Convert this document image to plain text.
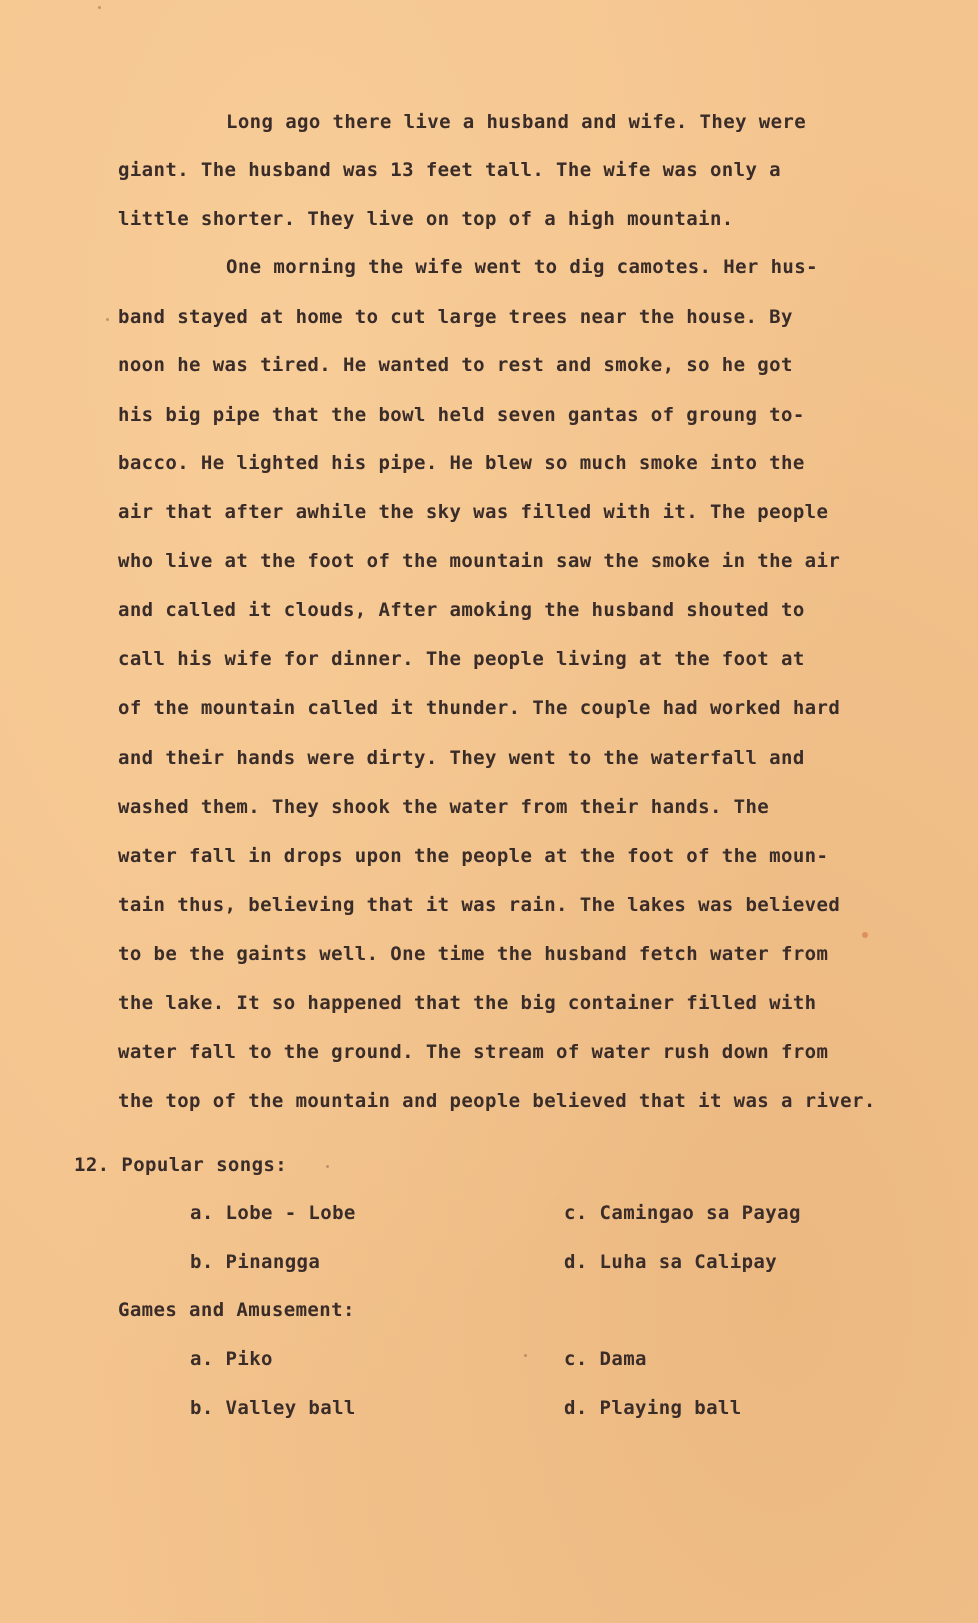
Long ago there live a husband and wife. They were
giant. The husband was 13 feet tall. The wife was only a
little shorter. They live on top of a high mountain.
One morning the wife went to dig camotes. Her hus-
band stayed at home to cut large trees near the house. By
noon he was tired. He wanted to rest and smoke, so he got
his big pipe that the bowl held seven gantas of groung to-
bacco. He lighted his pipe. He blew so much smoke into the
air that after awhile the sky was filled with it. The people
who live at the foot of the mountain saw the smoke in the air
and called it clouds, After amoking the husband shouted to
call his wife for dinner. The people living at the foot at
of the mountain called it thunder. The couple had worked hard
and their hands were dirty. They went to the waterfall and
washed them. They shook the water from their hands. The
water fall in drops upon the people at the foot of the moun-
tain thus, believing that it was rain. The lakes was believed
to be the gaints well. One time the husband fetch water from
the lake. It so happened that the big container filled with
water fall to the ground. The stream of water rush down from
the top of the mountain and people believed that it was a river.
12. Popular songs:
a. Lobe - Lobe	c. Camingao sa Payag
b. Pinangga	d. Luha sa Calipay
Games and Amusement:
a. Piko	c. Dama
b. Valley ball	d. Playing ball
